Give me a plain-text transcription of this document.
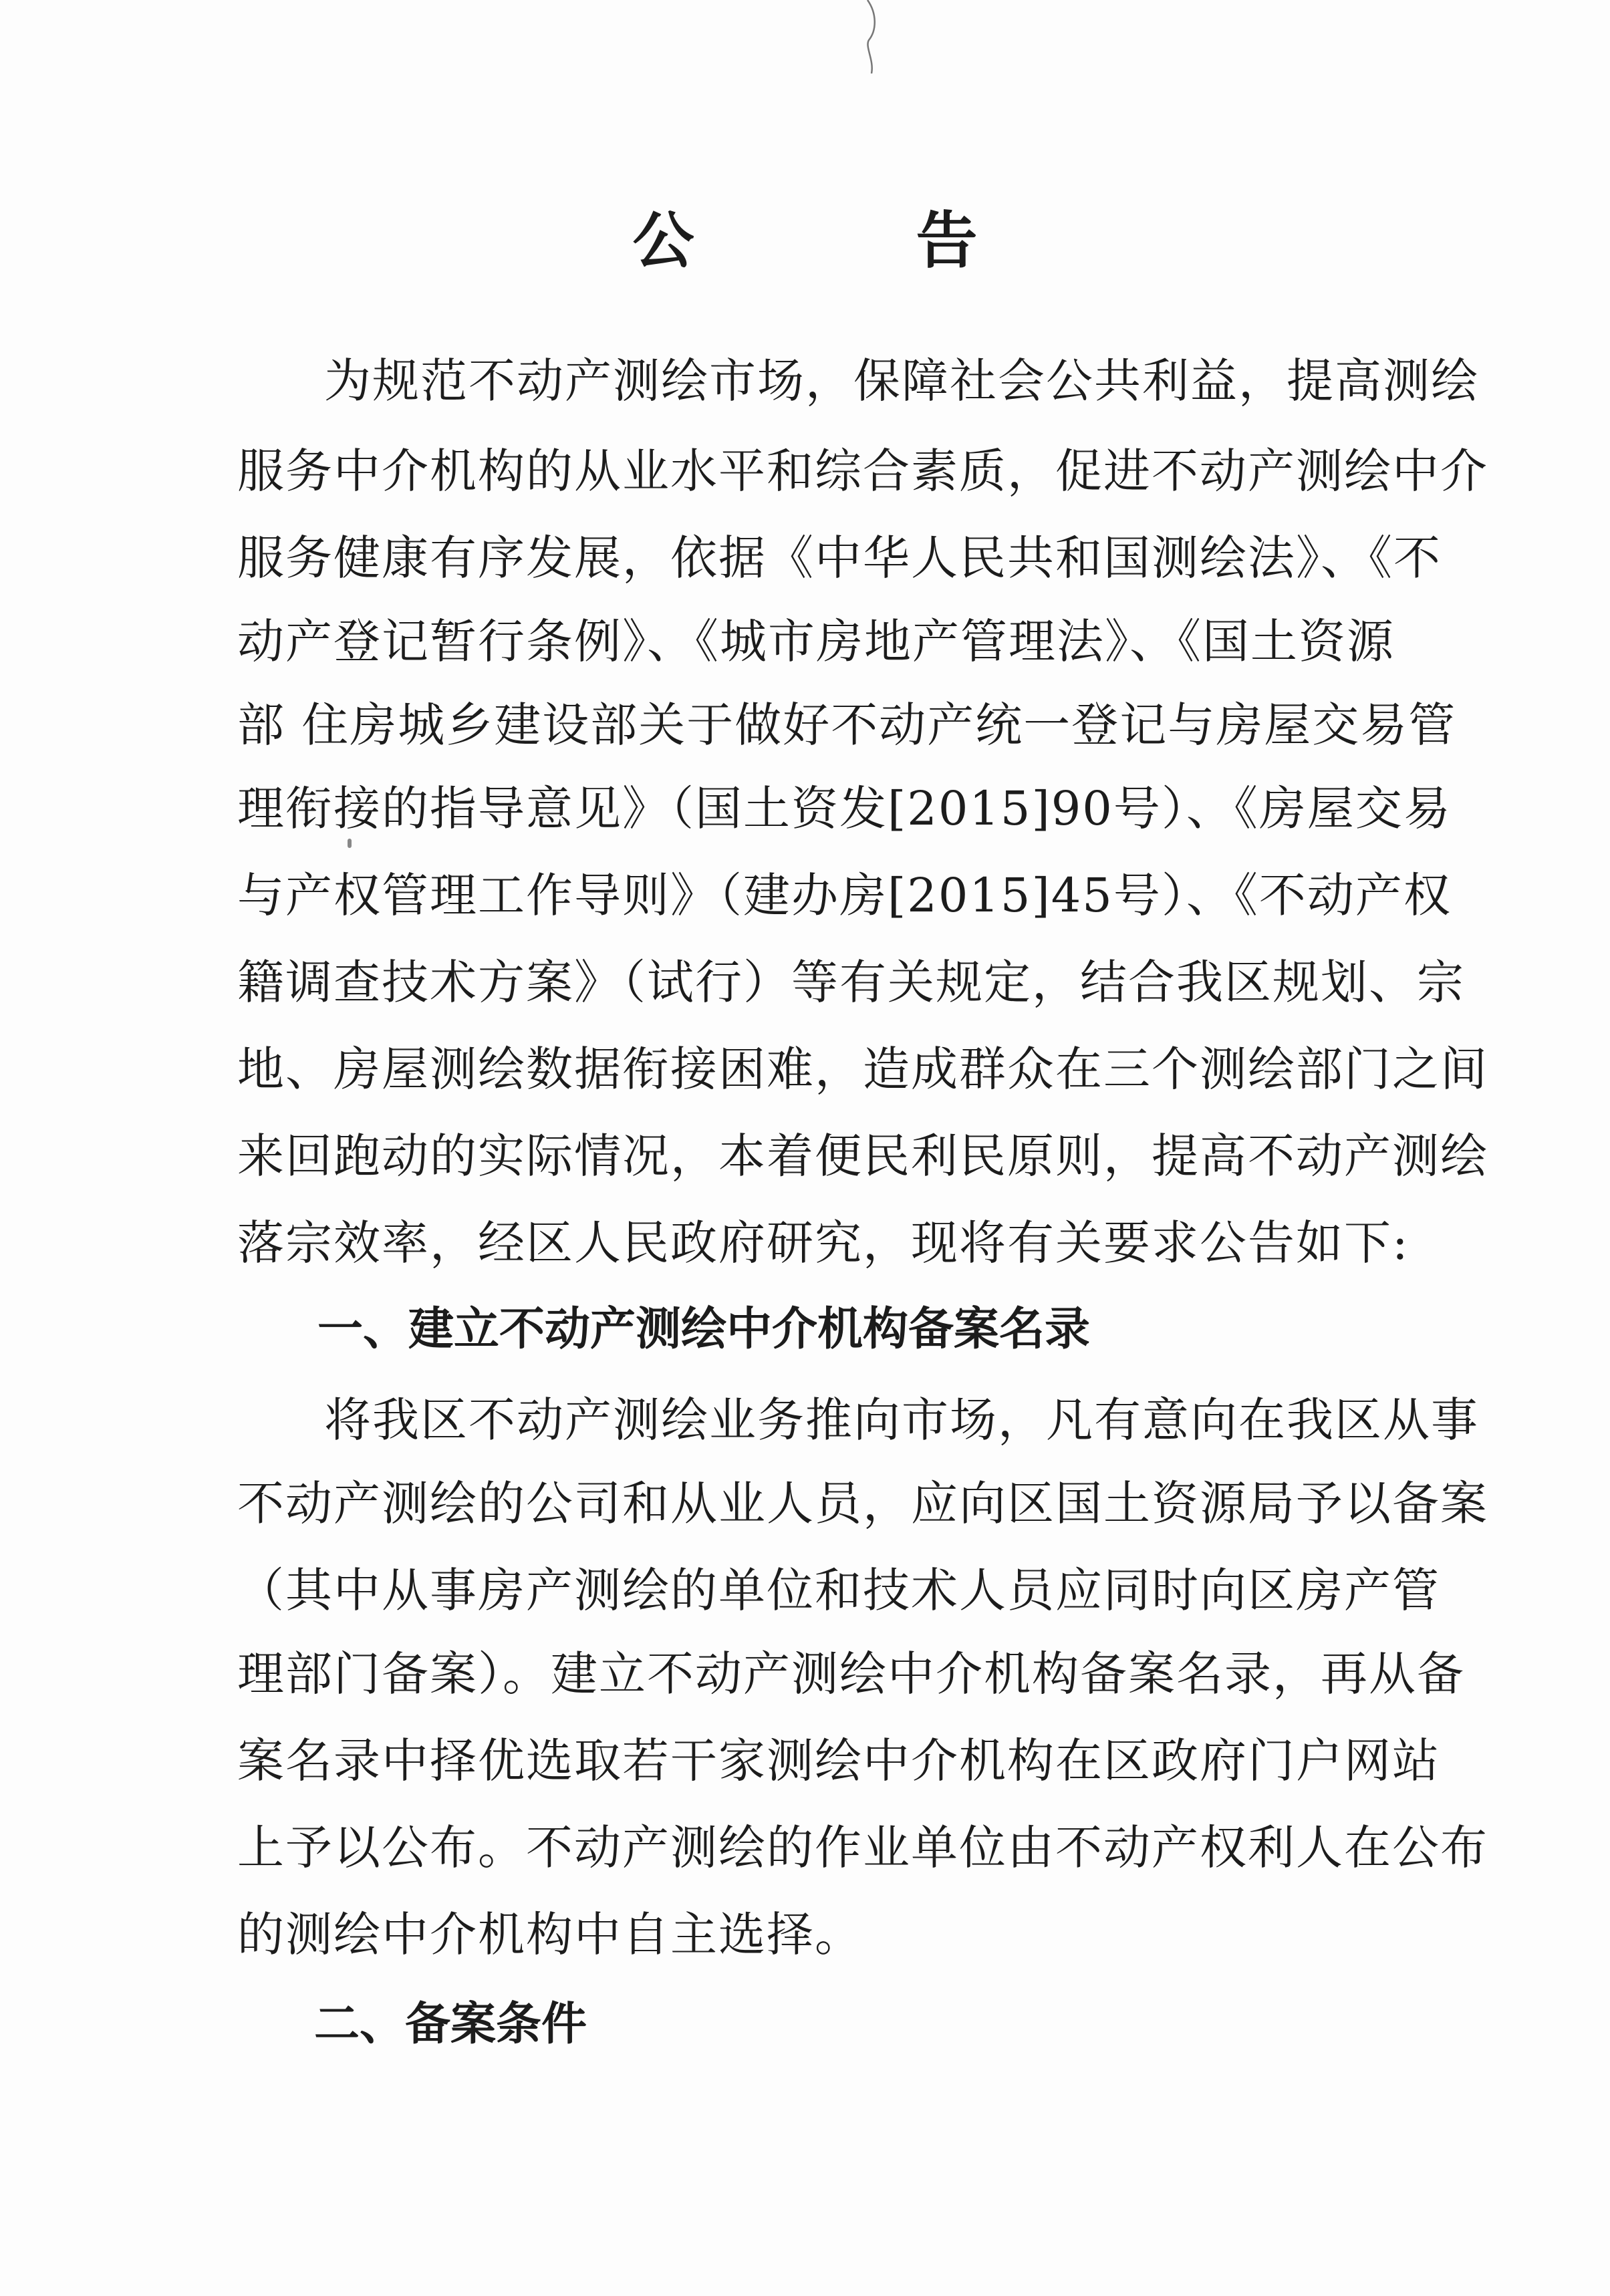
公 告
为规范不动产测绘市场，保障社会公共利益，提高测绘
服务中介机构的从业水平和综合素质，促进不动产测绘中介
服务健康有序发展，依据《中华人民共和国测绘法》、《不
动产登记暂行条例》、《城市房地产管理法》、《国土资源
部 住房城乡建设部关于做好不动产统一登记与房屋交易管
理衔接的指导意见》（国土资发[2015]90号）、《房屋交易
与产权管理工作导则》（建办房[2015]45号）、《不动产权
籍调查技术方案》（试行）等有关规定，结合我区规划、宗
地、房屋测绘数据衔接困难，造成群众在三个测绘部门之间
来回跑动的实际情况，本着便民利民原则，提高不动产测绘
落宗效率，经区人民政府研究，现将有关要求公告如下:
一、建立不动产测绘中介机构备案名录
将我区不动产测绘业务推向市场，凡有意向在我区从事
不动产测绘的公司和从业人员，应向区国土资源局予以备案
（其中从事房产测绘的单位和技术人员应同时向区房产管
理部门备案）。建立不动产测绘中介机构备案名录，再从备
案名录中择优选取若干家测绘中介机构在区政府门户网站
上予以公布。不动产测绘的作业单位由不动产权利人在公布
的测绘中介机构中自主选择。
二、备案条件
